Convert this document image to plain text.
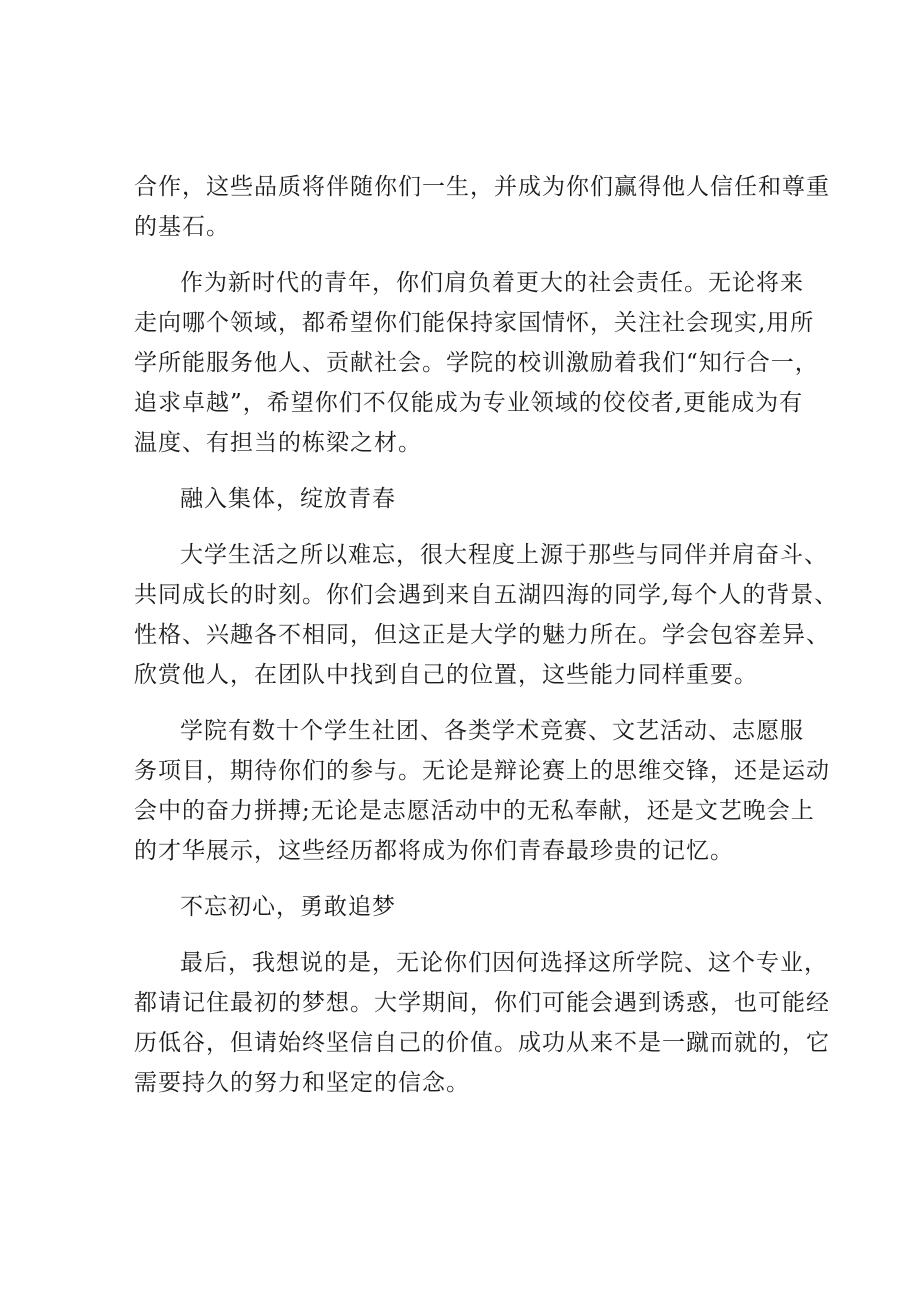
合作，这些品质将伴随你们一生，并成为你们赢得他人信任和尊重
的基石。
作为新时代的青年，你们肩负着更大的社会责任。无论将来
走向哪个领域，都希望你们能保持家国情怀，关注社会现实,用所
学所能服务他人、贡献社会。学院的校训激励着我们“知行合一，
追求卓越”，希望你们不仅能成为专业领域的佼佼者,更能成为有
温度、有担当的栋梁之材。
融入集体，绽放青春
大学生活之所以难忘，很大程度上源于那些与同伴并肩奋斗、
共同成长的时刻。你们会遇到来自五湖四海的同学,每个人的背景、
性格、兴趣各不相同，但这正是大学的魅力所在。学会包容差异、
欣赏他人，在团队中找到自己的位置，这些能力同样重要。
学院有数十个学生社团、各类学术竞赛、文艺活动、志愿服
务项目，期待你们的参与。无论是辩论赛上的思维交锋，还是运动
会中的奋力拼搏;无论是志愿活动中的无私奉献，还是文艺晚会上
的才华展示，这些经历都将成为你们青春最珍贵的记忆。
不忘初心，勇敢追梦
最后，我想说的是，无论你们因何选择这所学院、这个专业，
都请记住最初的梦想。大学期间，你们可能会遇到诱惑，也可能经
历低谷，但请始终坚信自己的价值。成功从来不是一蹴而就的，它
需要持久的努力和坚定的信念。
